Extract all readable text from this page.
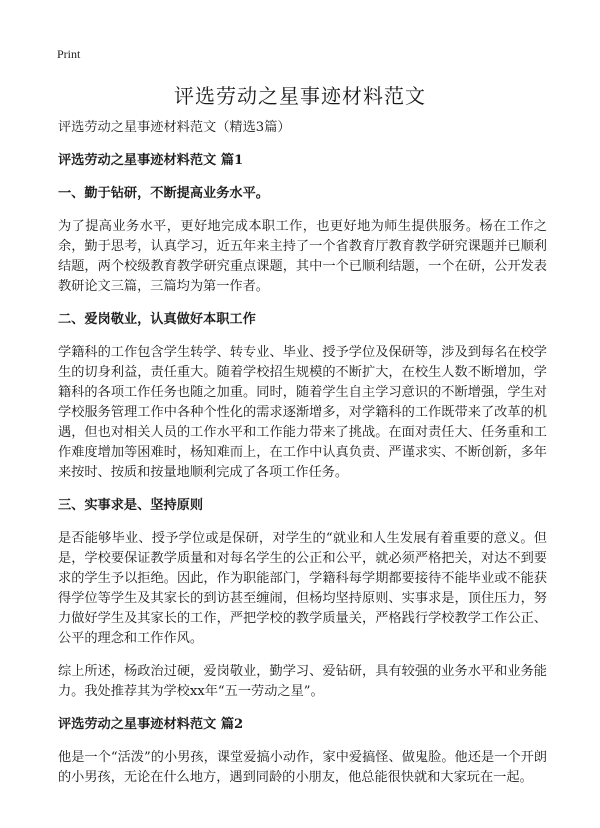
Print
评选劳动之星事迹材料范文

评选劳动之星事迹材料范文（精选3篇）

评选劳动之星事迹材料范文 篇1

一、勤于钻研，不断提高业务水平。

为了提高业务水平，更好地完成本职工作，也更好地为师生提供服务。杨在工作之余，勤于思考，认真学习，近五年来主持了一个省教育厅教育教学研究课题并已顺利结题，两个校级教育教学研究重点课题，其中一个已顺利结题，一个在研，公开发表教研论文三篇，三篇均为第一作者。

二、爱岗敬业，认真做好本职工作

学籍科的工作包含学生转学、转专业、毕业、授予学位及保研等，涉及到每名在校学生的切身利益，责任重大。随着学校招生规模的不断扩大，在校生人数不断增加，学籍科的各项工作任务也随之加重。同时，随着学生自主学习意识的不断增强，学生对学校服务管理工作中各种个性化的需求逐渐增多，对学籍科的工作既带来了改革的机遇，但也对相关人员的工作水平和工作能力带来了挑战。在面对责任大、任务重和工作难度增加等困难时，杨知难而上，在工作中认真负责、严谨求实、不断创新，多年来按时、按质和按量地顺利完成了各项工作任务。

三、实事求是、坚持原则

是否能够毕业、授予学位或是保研，对学生的“就业和人生发展有着重要的意义。但是，学校要保证教学质量和对每名学生的公正和公平，就必须严格把关，对达不到要求的学生予以拒绝。因此，作为职能部门，学籍科每学期都要接待不能毕业或不能获得学位等学生及其家长的到访甚至缠闹，但杨均坚持原则、实事求是，顶住压力，努力做好学生及其家长的工作，严把学校的教学质量关，严格践行学校教学工作公正、公平的理念和工作作风。

综上所述，杨政治过硬，爱岗敬业，勤学习、爱钻研，具有较强的业务水平和业务能力。我处推荐其为学校xx年“五一劳动之星”。

评选劳动之星事迹材料范文 篇2

他是一个“活泼”的小男孩，课堂爱搞小动作，家中爱搞怪、做鬼脸。他还是一个开朗的小男孩，无论在什么地方，遇到同龄的小朋友，他总能很快就和大家玩在一起。
